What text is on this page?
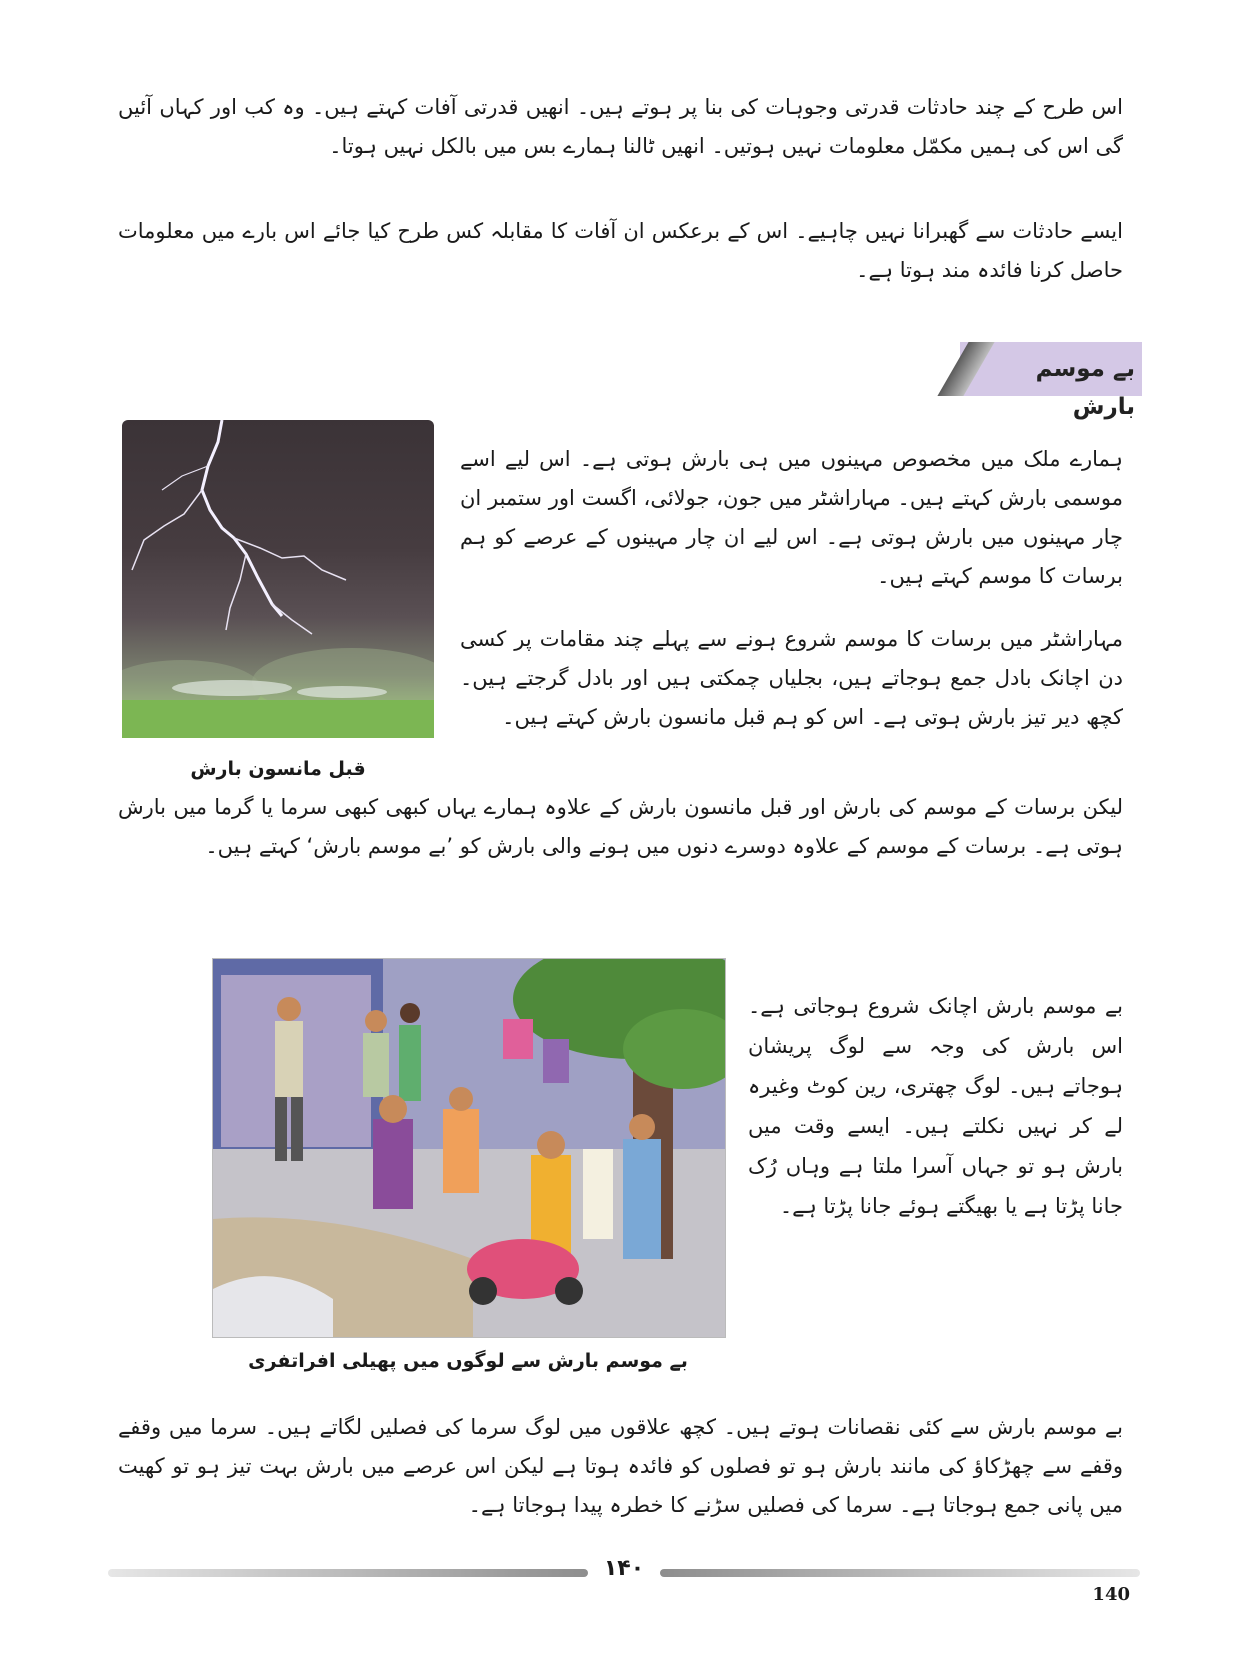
اس طرح کے چند حادثات قدرتی وجوہات کی بنا پر ہوتے ہیں۔ انھیں قدرتی آفات کہتے ہیں۔ وہ کب اور کہاں آئیں گی اس کی ہمیں مکمّل معلومات نہیں ہوتیں۔ انھیں ٹالنا ہمارے بس میں بالکل نہیں ہوتا۔
ایسے حادثات سے گھبرانا نہیں چاہیے۔ اس کے برعکس ان آفات کا مقابلہ کس طرح کیا جائے اس بارے میں معلومات حاصل کرنا فائدہ مند ہوتا ہے۔
بے موسم بارش
قبل مانسون بارش
ہمارے ملک میں مخصوص مہینوں میں ہی بارش ہوتی ہے۔ اس لیے اسے موسمی بارش کہتے ہیں۔ مہاراشٹر میں جون، جولائی، اگست اور ستمبر ان چار مہینوں میں بارش ہوتی ہے۔ اس لیے ان چار مہینوں کے عرصے کو ہم برسات کا موسم کہتے ہیں۔
مہاراشٹر میں برسات کا موسم شروع ہونے سے پہلے چند مقامات پر کسی دن اچانک بادل جمع ہوجاتے ہیں، بجلیاں چمکتی ہیں اور بادل گرجتے ہیں۔ کچھ دیر تیز بارش ہوتی ہے۔ اس کو ہم قبل مانسون بارش کہتے ہیں۔
لیکن برسات کے موسم کی بارش اور قبل مانسون بارش کے علاوہ ہمارے یہاں کبھی کبھی سرما یا گرما میں بارش ہوتی ہے۔ برسات کے موسم کے علاوہ دوسرے دنوں میں ہونے والی بارش کو ’بے موسم بارش‘ کہتے ہیں۔
بے موسم بارش سے لوگوں میں پھیلی افراتفری
بے موسم بارش اچانک شروع ہوجاتی ہے۔ اس بارش کی وجہ سے لوگ پریشان ہوجاتے ہیں۔ لوگ چھتری، رین کوٹ وغیرہ لے کر نہیں نکلتے ہیں۔ ایسے وقت میں بارش ہو تو جہاں آسرا ملتا ہے وہاں رُک جانا پڑتا ہے یا بھیگتے ہوئے جانا پڑتا ہے۔
بے موسم بارش سے کئی نقصانات ہوتے ہیں۔ کچھ علاقوں میں لوگ سرما کی فصلیں لگاتے ہیں۔ سرما میں وقفے وقفے سے چھڑکاؤ کی مانند بارش ہو تو فصلوں کو فائدہ ہوتا ہے لیکن اس عرصے میں بارش بہت تیز ہو تو کھیت میں پانی جمع ہوجاتا ہے۔ سرما کی فصلیں سڑنے کا خطرہ پیدا ہوجاتا ہے۔
۱۴۰
140
